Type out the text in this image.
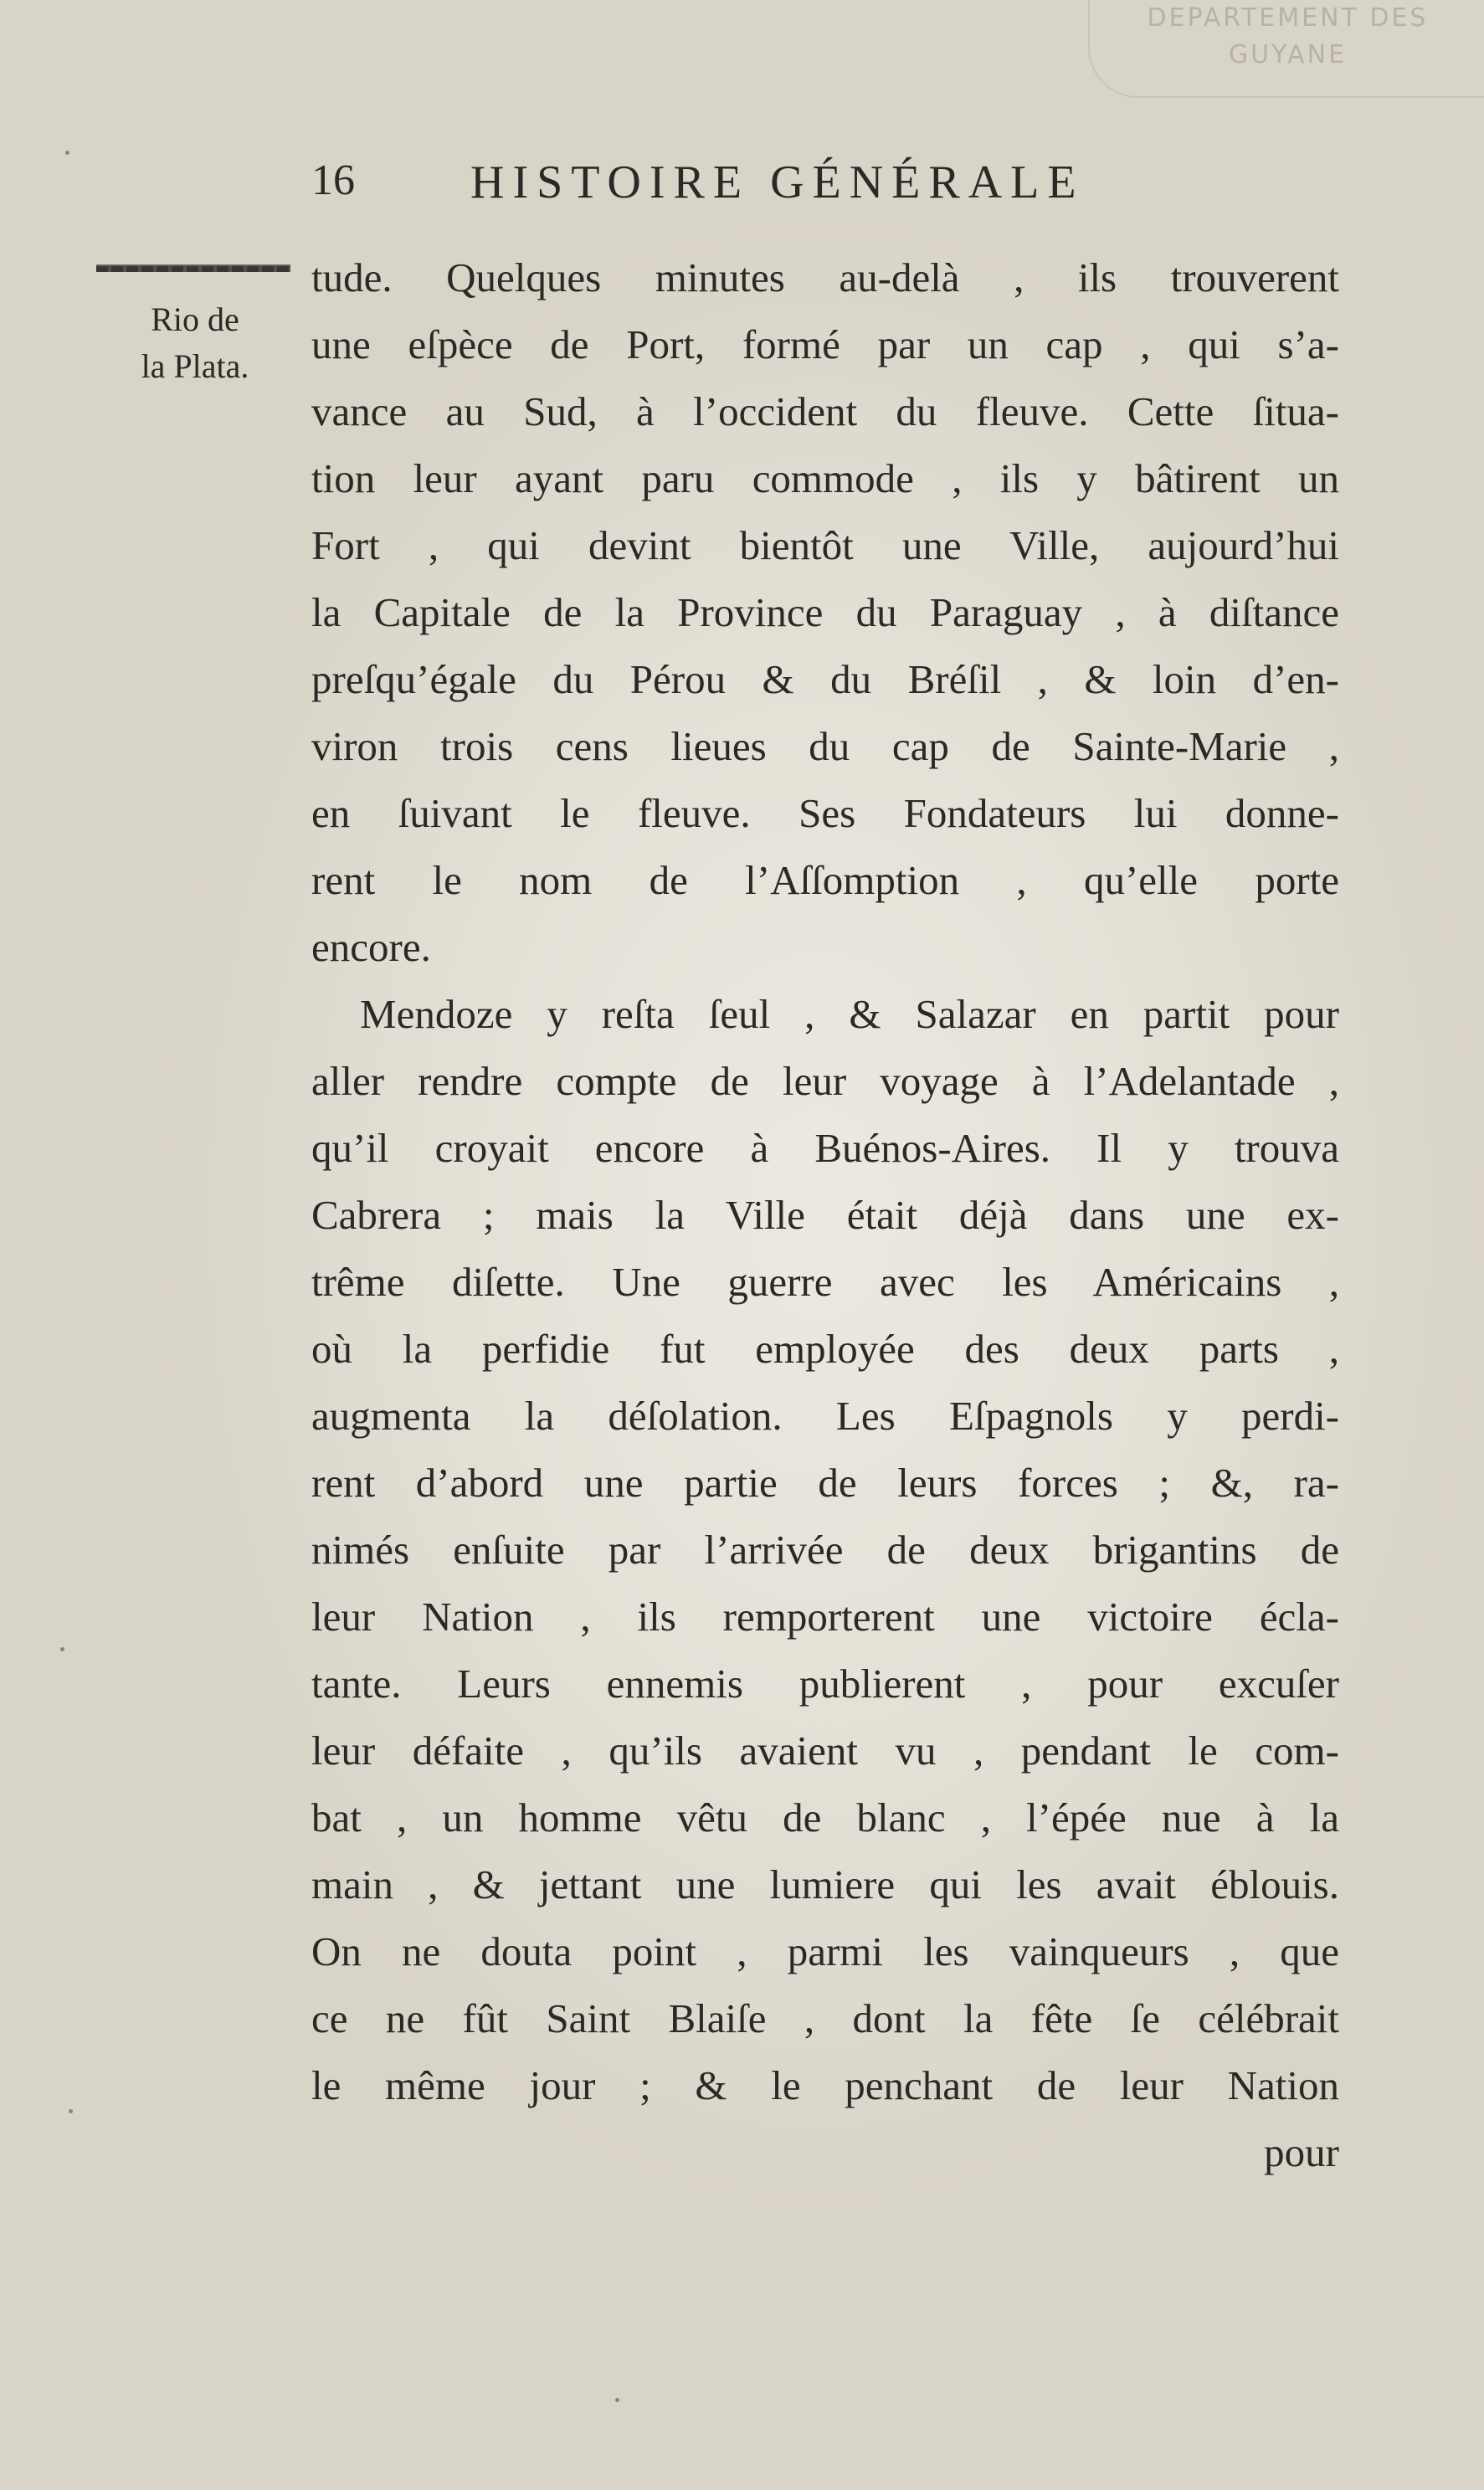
DEPARTEMENT DES
GUYANE
16 HISTOIRE GÉNÉRALE
Rio de
la Plata.
tude. Quelques minutes au-delà , ils trouverent
une eſpèce de Port, formé par un cap , qui s’a-
vance au Sud, à l’occident du fleuve. Cette ſitua-
tion leur ayant paru commode , ils y bâtirent un
Fort , qui devint bientôt une Ville, aujourd’hui
la Capitale de la Province du Paraguay , à diſtance
preſqu’égale du Pérou & du Bréſil , & loin d’en-
viron trois cens lieues du cap de Sainte-Marie ,
en ſuivant le fleuve. Ses Fondateurs lui donne-
rent le nom de l’Aſſomption , qu’elle porte
encore.
Mendoze y reſta ſeul , & Salazar en partit pour
aller rendre compte de leur voyage à l’Adelantade ,
qu’il croyait encore à Buénos-Aires. Il y trouva
Cabrera ; mais la Ville était déjà dans une ex-
trême diſette. Une guerre avec les Américains ,
où la perfidie fut employée des deux parts ,
augmenta la déſolation. Les Eſpagnols y perdi-
rent d’abord une partie de leurs forces ; &, ra-
nimés enſuite par l’arrivée de deux brigantins de
leur Nation , ils remporterent une victoire écla-
tante. Leurs ennemis publierent , pour excuſer
leur défaite , qu’ils avaient vu , pendant le com-
bat , un homme vêtu de blanc , l’épée nue à la
main , & jettant une lumiere qui les avait éblouis.
On ne douta point , parmi les vainqueurs , que
ce ne fût Saint Blaiſe , dont la fête ſe célébrait
le même jour ; & le penchant de leur Nation
pour
